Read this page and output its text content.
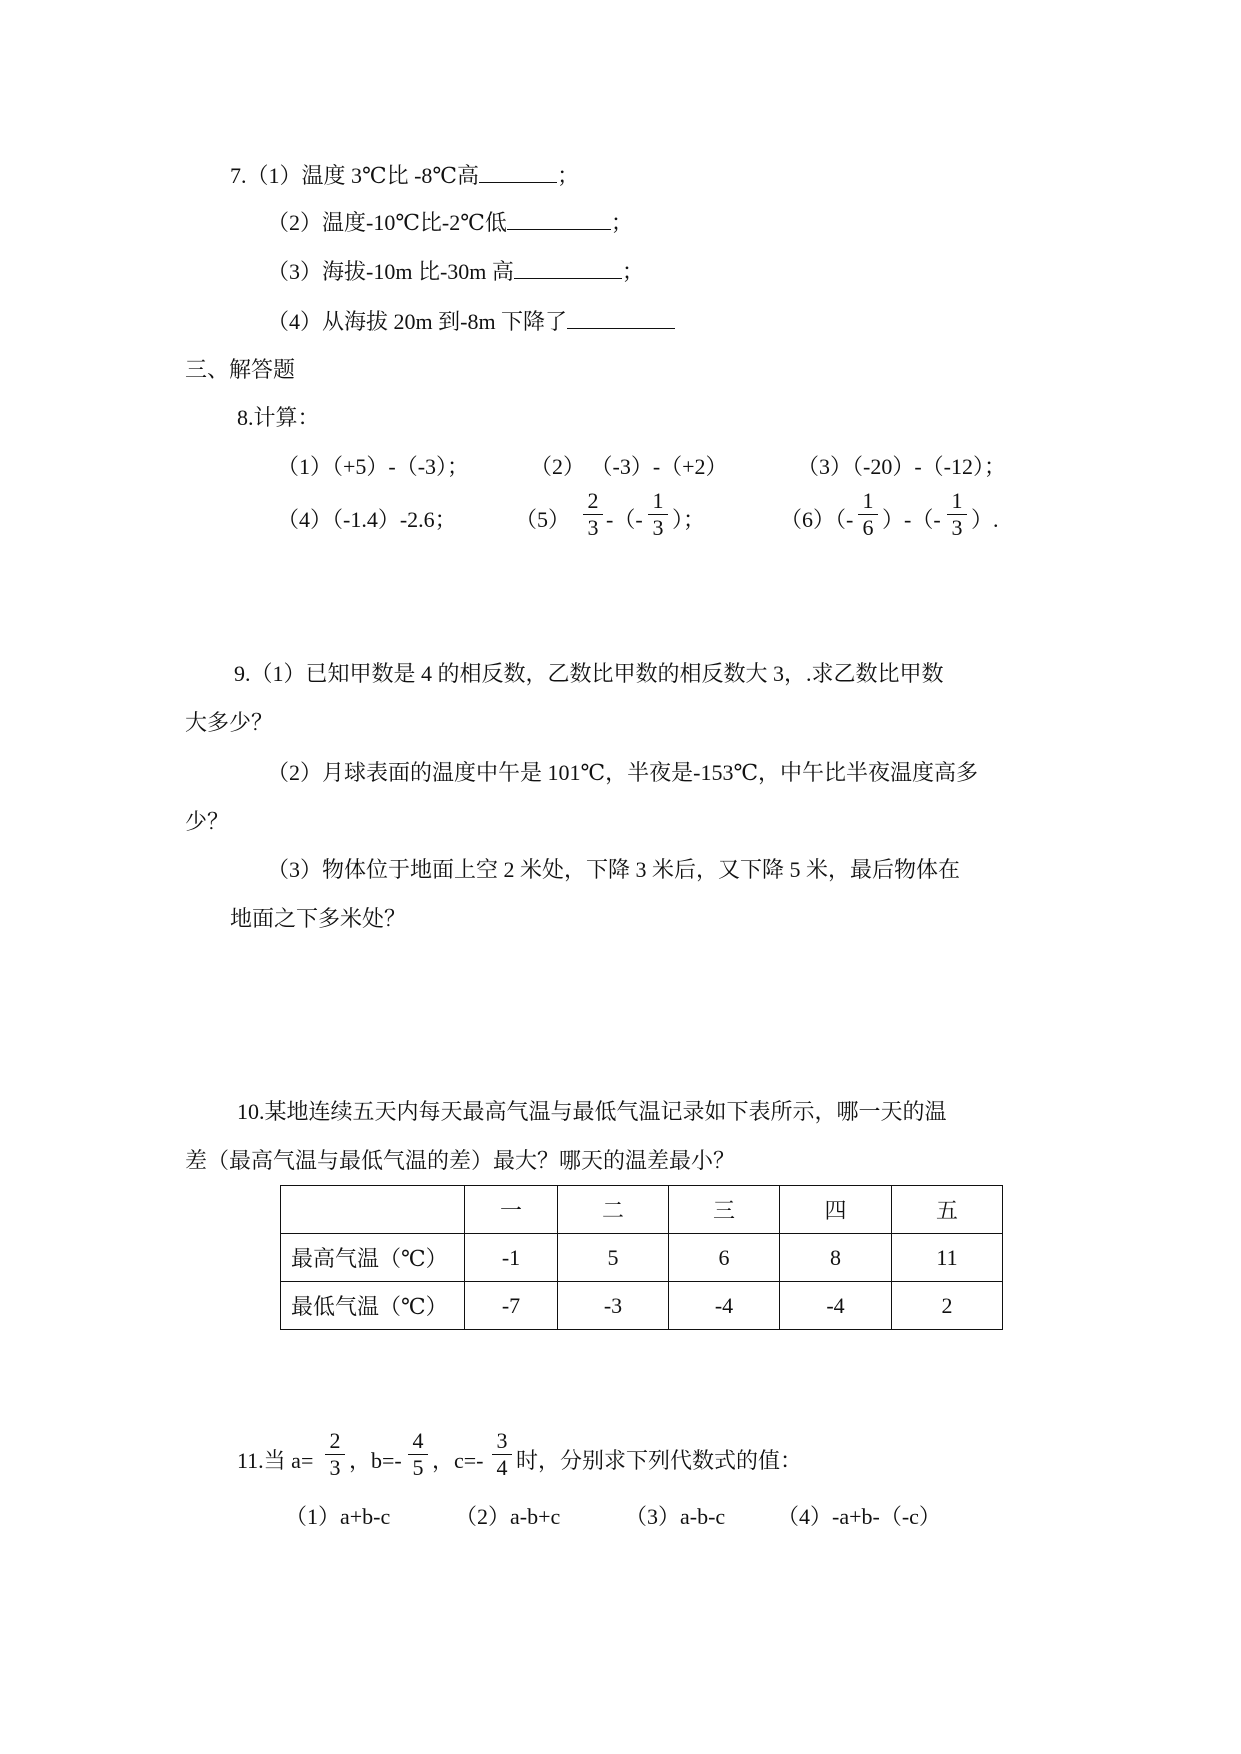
7.（1）温度 3℃比 -8℃高	；
（2）温度-10℃比-2℃低	；
（3）海拔-10m 比-30m 高	；
（4）从海拔 20m 到-8m 下降了
三、解答题
8.计算：
（1）（+5）-（-3）；	（2） （-3）-（+2）	（3）（-20）-（-12）；
（4）（-1.4）-2.6；	（5）
2
3 -（-
1
3 ）；	（6）（-
1
6 ）-（-
1
3 ）.
9.（1）已知甲数是 4 的相反数，乙数比甲数的相反数大 3，.求乙数比甲数
大多少？
（2）月球表面的温度中午是 101℃，半夜是-153℃，中午比半夜温度高多
少？
（3）物体位于地面上空 2 米处，下降 3 米后，又下降 5 米，最后物体在
地面之下多米处？
10.某地连续五天内每天最高气温与最低气温记录如下表所示，哪一天的温
差（最高气温与最低气温的差）最大？哪天的温差最小？
	一	二	三	四	五
最高气温（℃）	-1	5	6	8	11
最低气温（℃）	-7	-3	-4	-4	2
11.当 a=
2
3 ，b=-
4
5 ，c=-
3
4 时，分别求下列代数式的值：
（1）a+b-c	（2）a-b+c	（3）a-b-c （4）-a+b-（-c）
